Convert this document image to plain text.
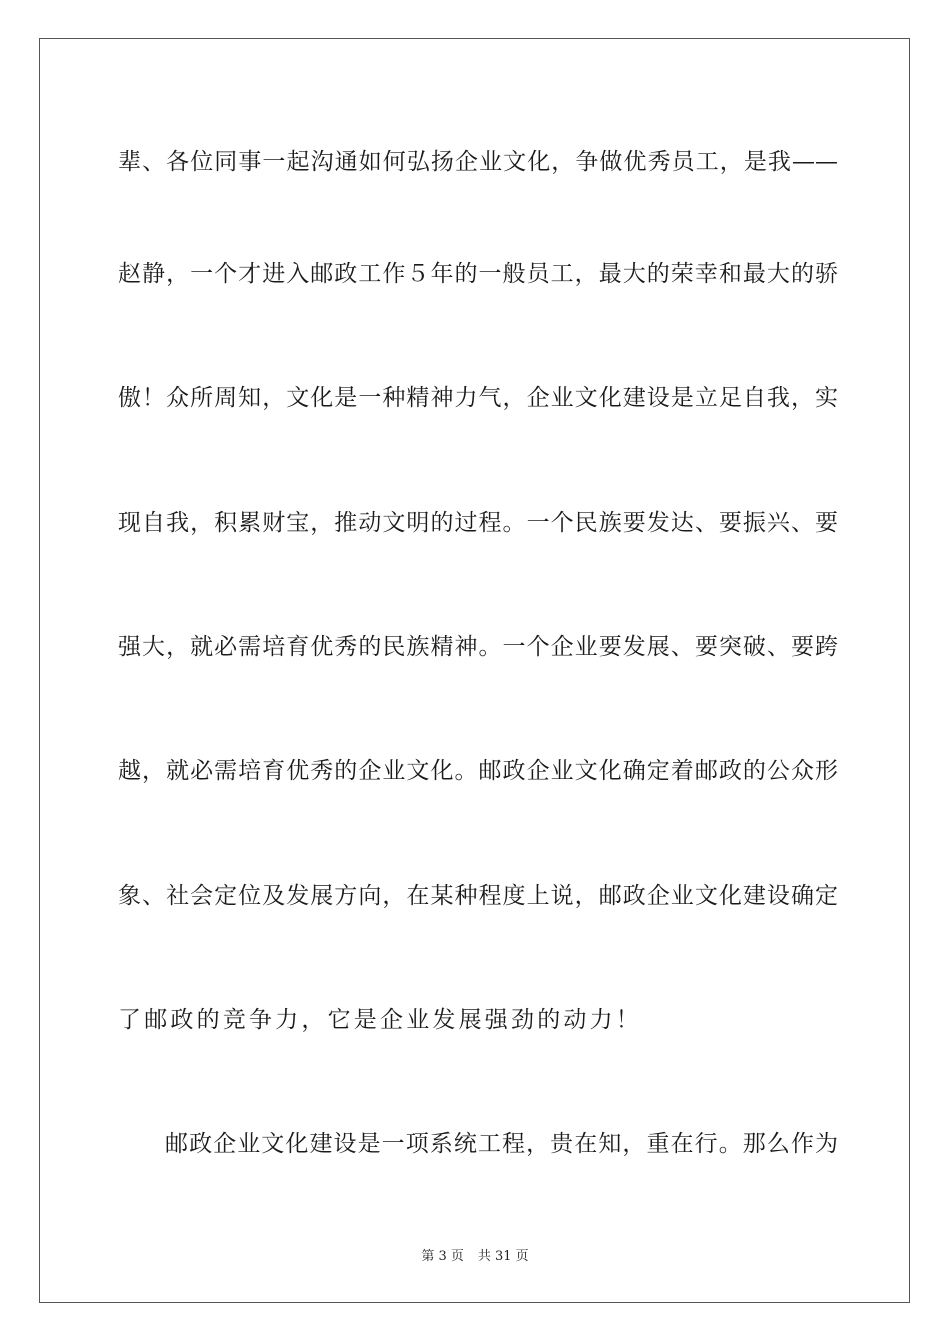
辈、各位同事一起沟通如何弘扬企业文化，争做优秀员工，是我——
赵静，一个才进入邮政工作５年的一般员工，最大的荣幸和最大的骄
傲！众所周知，文化是一种精神力气，企业文化建设是立足自我，实
现自我，积累财宝，推动文明的过程。一个民族要发达、要振兴、要
强大，就必需培育优秀的民族精神。一个企业要发展、要突破、要跨
越，就必需培育优秀的企业文化。邮政企业文化确定着邮政的公众形
象、社会定位及发展方向，在某种程度上说，邮政企业文化建设确定
了邮政的竞争力，它是企业发展强劲的动力！
邮政企业文化建设是一项系统工程，贵在知，重在行。那么作为
第 3 页 共 31 页
